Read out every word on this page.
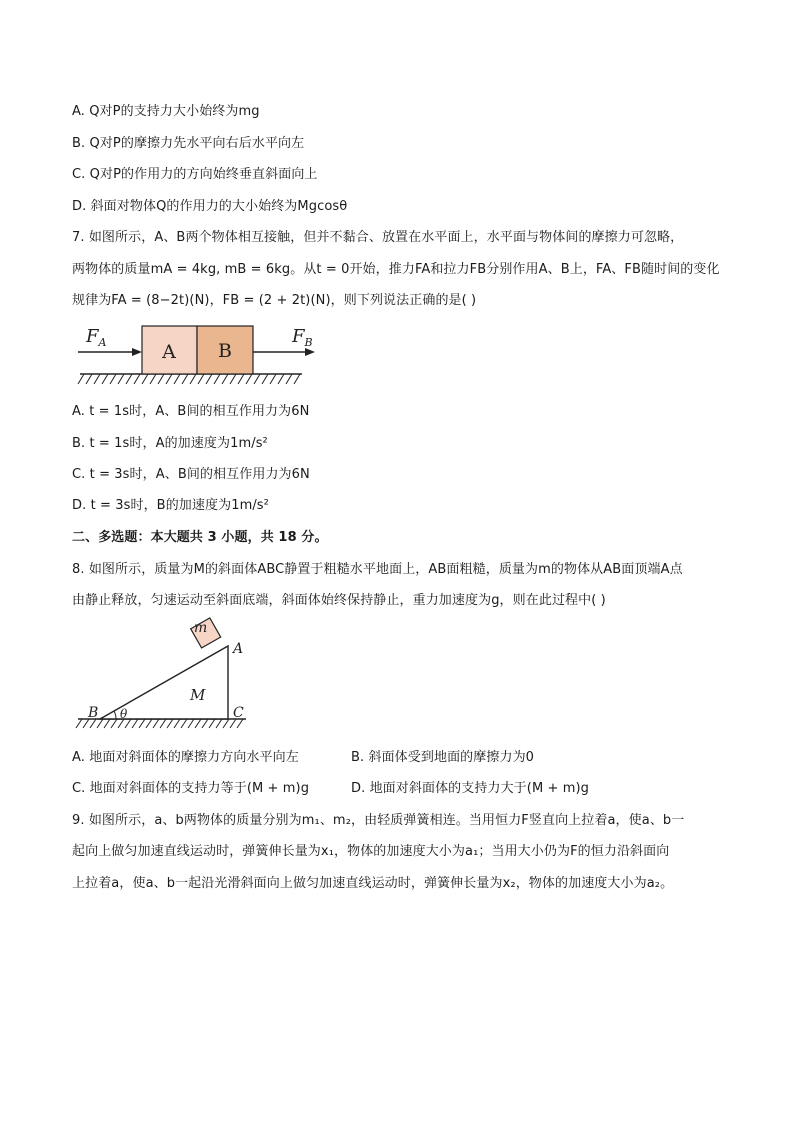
A. Q对P的支持力大小始终为mg
B. Q对P的摩擦力先水平向右后水平向左
C. Q对P的作用力的方向始终垂直斜面向上
D. 斜面对物体Q的作用力的大小始终为Mgcosθ
7. 如图所示，A、B两个物体相互接触，但并不黏合、放置在水平面上，水平面与物体间的摩擦力可忽略，
两物体的质量mA = 4kg, mB = 6kg。从t = 0开始，推力FA和拉力FB分别作用A、B上，FA、FB随时间的变化
规律为FA = (8−2t)(N)，FB = (2 + 2t)(N)，则下列说法正确的是( )
A B
$F_A$	$F_B$
A. t = 1s时，A、B间的相互作用力为6N
B. t = 1s时，A的加速度为1m/s²
C. t = 3s时，A、B间的相互作用力为6N
D. t = 3s时，B的加速度为1m/s²
二、多选题：本大题共 3 小题，共 18 分。
8. 如图所示，质量为M的斜面体ABC静置于粗糙水平地面上，AB面粗糙，质量为m的物体从AB面顶端A点
由静止释放，匀速运动至斜面底端，斜面体始终保持静止，重力加速度为g，则在此过程中( )
m
A
M
B θ	C
A. 地面对斜面体的摩擦力方向水平向左	B. 斜面体受到地面的摩擦力为0
C. 地面对斜面体的支持力等于(M + m)g	D. 地面对斜面体的支持力大于(M + m)g
9. 如图所示，a、b两物体的质量分别为m₁、m₂，由轻质弹簧相连。当用恒力F竖直向上拉着a，使a、b一
起向上做匀加速直线运动时，弹簧伸长量为x₁，物体的加速度大小为a₁；当用大小仍为F的恒力沿斜面向
上拉着a，使a、b一起沿光滑斜面向上做匀加速直线运动时，弹簧伸长量为x₂，物体的加速度大小为a₂。
